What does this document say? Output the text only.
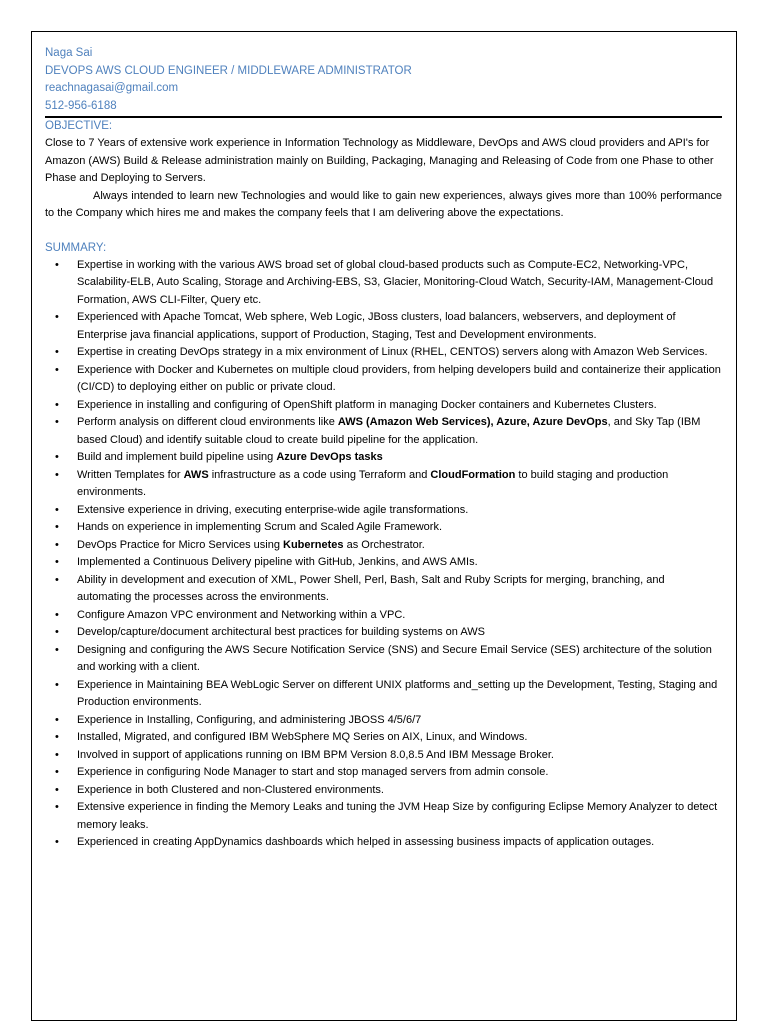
Naga Sai
DEVOPS AWS CLOUD ENGINEER / MIDDLEWARE ADMINISTRATOR
reachnagasai@gmail.com
512-956-6188
OBJECTIVE:
Close to 7 Years of extensive work experience in Information Technology as Middleware, DevOps and AWS cloud providers and API's for Amazon (AWS) Build & Release administration mainly on Building, Packaging, Managing and Releasing of Code from one Phase to other Phase and Deploying to Servers.
Always intended to learn new Technologies and would like to gain new experiences, always gives more than 100% performance to the Company which hires me and makes the company feels that I am delivering above the expectations.
SUMMARY:
• Expertise in working with the various AWS broad set of global cloud-based products such as Compute-EC2, Networking-VPC, Scalability-ELB, Auto Scaling, Storage and Archiving-EBS, S3, Glacier, Monitoring-Cloud Watch, Security-IAM, Management-Cloud Formation, AWS CLI-Filter, Query etc.
• Experienced with Apache Tomcat, Web sphere, Web Logic, JBoss clusters, load balancers, webservers, and deployment of Enterprise java financial applications, support of Production, Staging, Test and Development environments.
• Expertise in creating DevOps strategy in a mix environment of Linux (RHEL, CENTOS) servers along with Amazon Web Services.
• Experience with Docker and Kubernetes on multiple cloud providers, from helping developers build and containerize their application (CI/CD) to deploying either on public or private cloud.
• Experience in installing and configuring of OpenShift platform in managing Docker containers and Kubernetes Clusters.
• Perform analysis on different cloud environments like AWS (Amazon Web Services), Azure, Azure DevOps, and Sky Tap (IBM based Cloud) and identify suitable cloud to create build pipeline for the application.
• Build and implement build pipeline using Azure DevOps tasks
• Written Templates for AWS infrastructure as a code using Terraform and CloudFormation to build staging and production environments.
• Extensive experience in driving, executing enterprise-wide agile transformations.
• Hands on experience in implementing Scrum and Scaled Agile Framework.
• DevOps Practice for Micro Services using Kubernetes as Orchestrator.
• Implemented a Continuous Delivery pipeline with GitHub, Jenkins, and AWS AMIs.
• Ability in development and execution of XML, Power Shell, Perl, Bash, Salt and Ruby Scripts for merging, branching, and automating the processes across the environments.
• Configure Amazon VPC environment and Networking within a VPC.
• Develop/capture/document architectural best practices for building systems on AWS
• Designing and configuring the AWS Secure Notification Service (SNS) and Secure Email Service (SES) architecture of the solution and working with a client.
• Experience in Maintaining BEA WebLogic Server on different UNIX platforms and_setting up the Development, Testing, Staging and Production environments.
• Experience in Installing, Configuring, and administering JBOSS 4/5/6/7
• Installed, Migrated, and configured IBM WebSphere MQ Series on AIX, Linux, and Windows.
• Involved in support of applications running on IBM BPM Version 8.0,8.5 And IBM Message Broker.
• Experience in configuring Node Manager to start and stop managed servers from admin console.
• Experience in both Clustered and non-Clustered environments.
• Extensive experience in finding the Memory Leaks and tuning the JVM Heap Size by configuring Eclipse Memory Analyzer to detect memory leaks.
• Experienced in creating AppDynamics dashboards which helped in assessing business impacts of application outages.
